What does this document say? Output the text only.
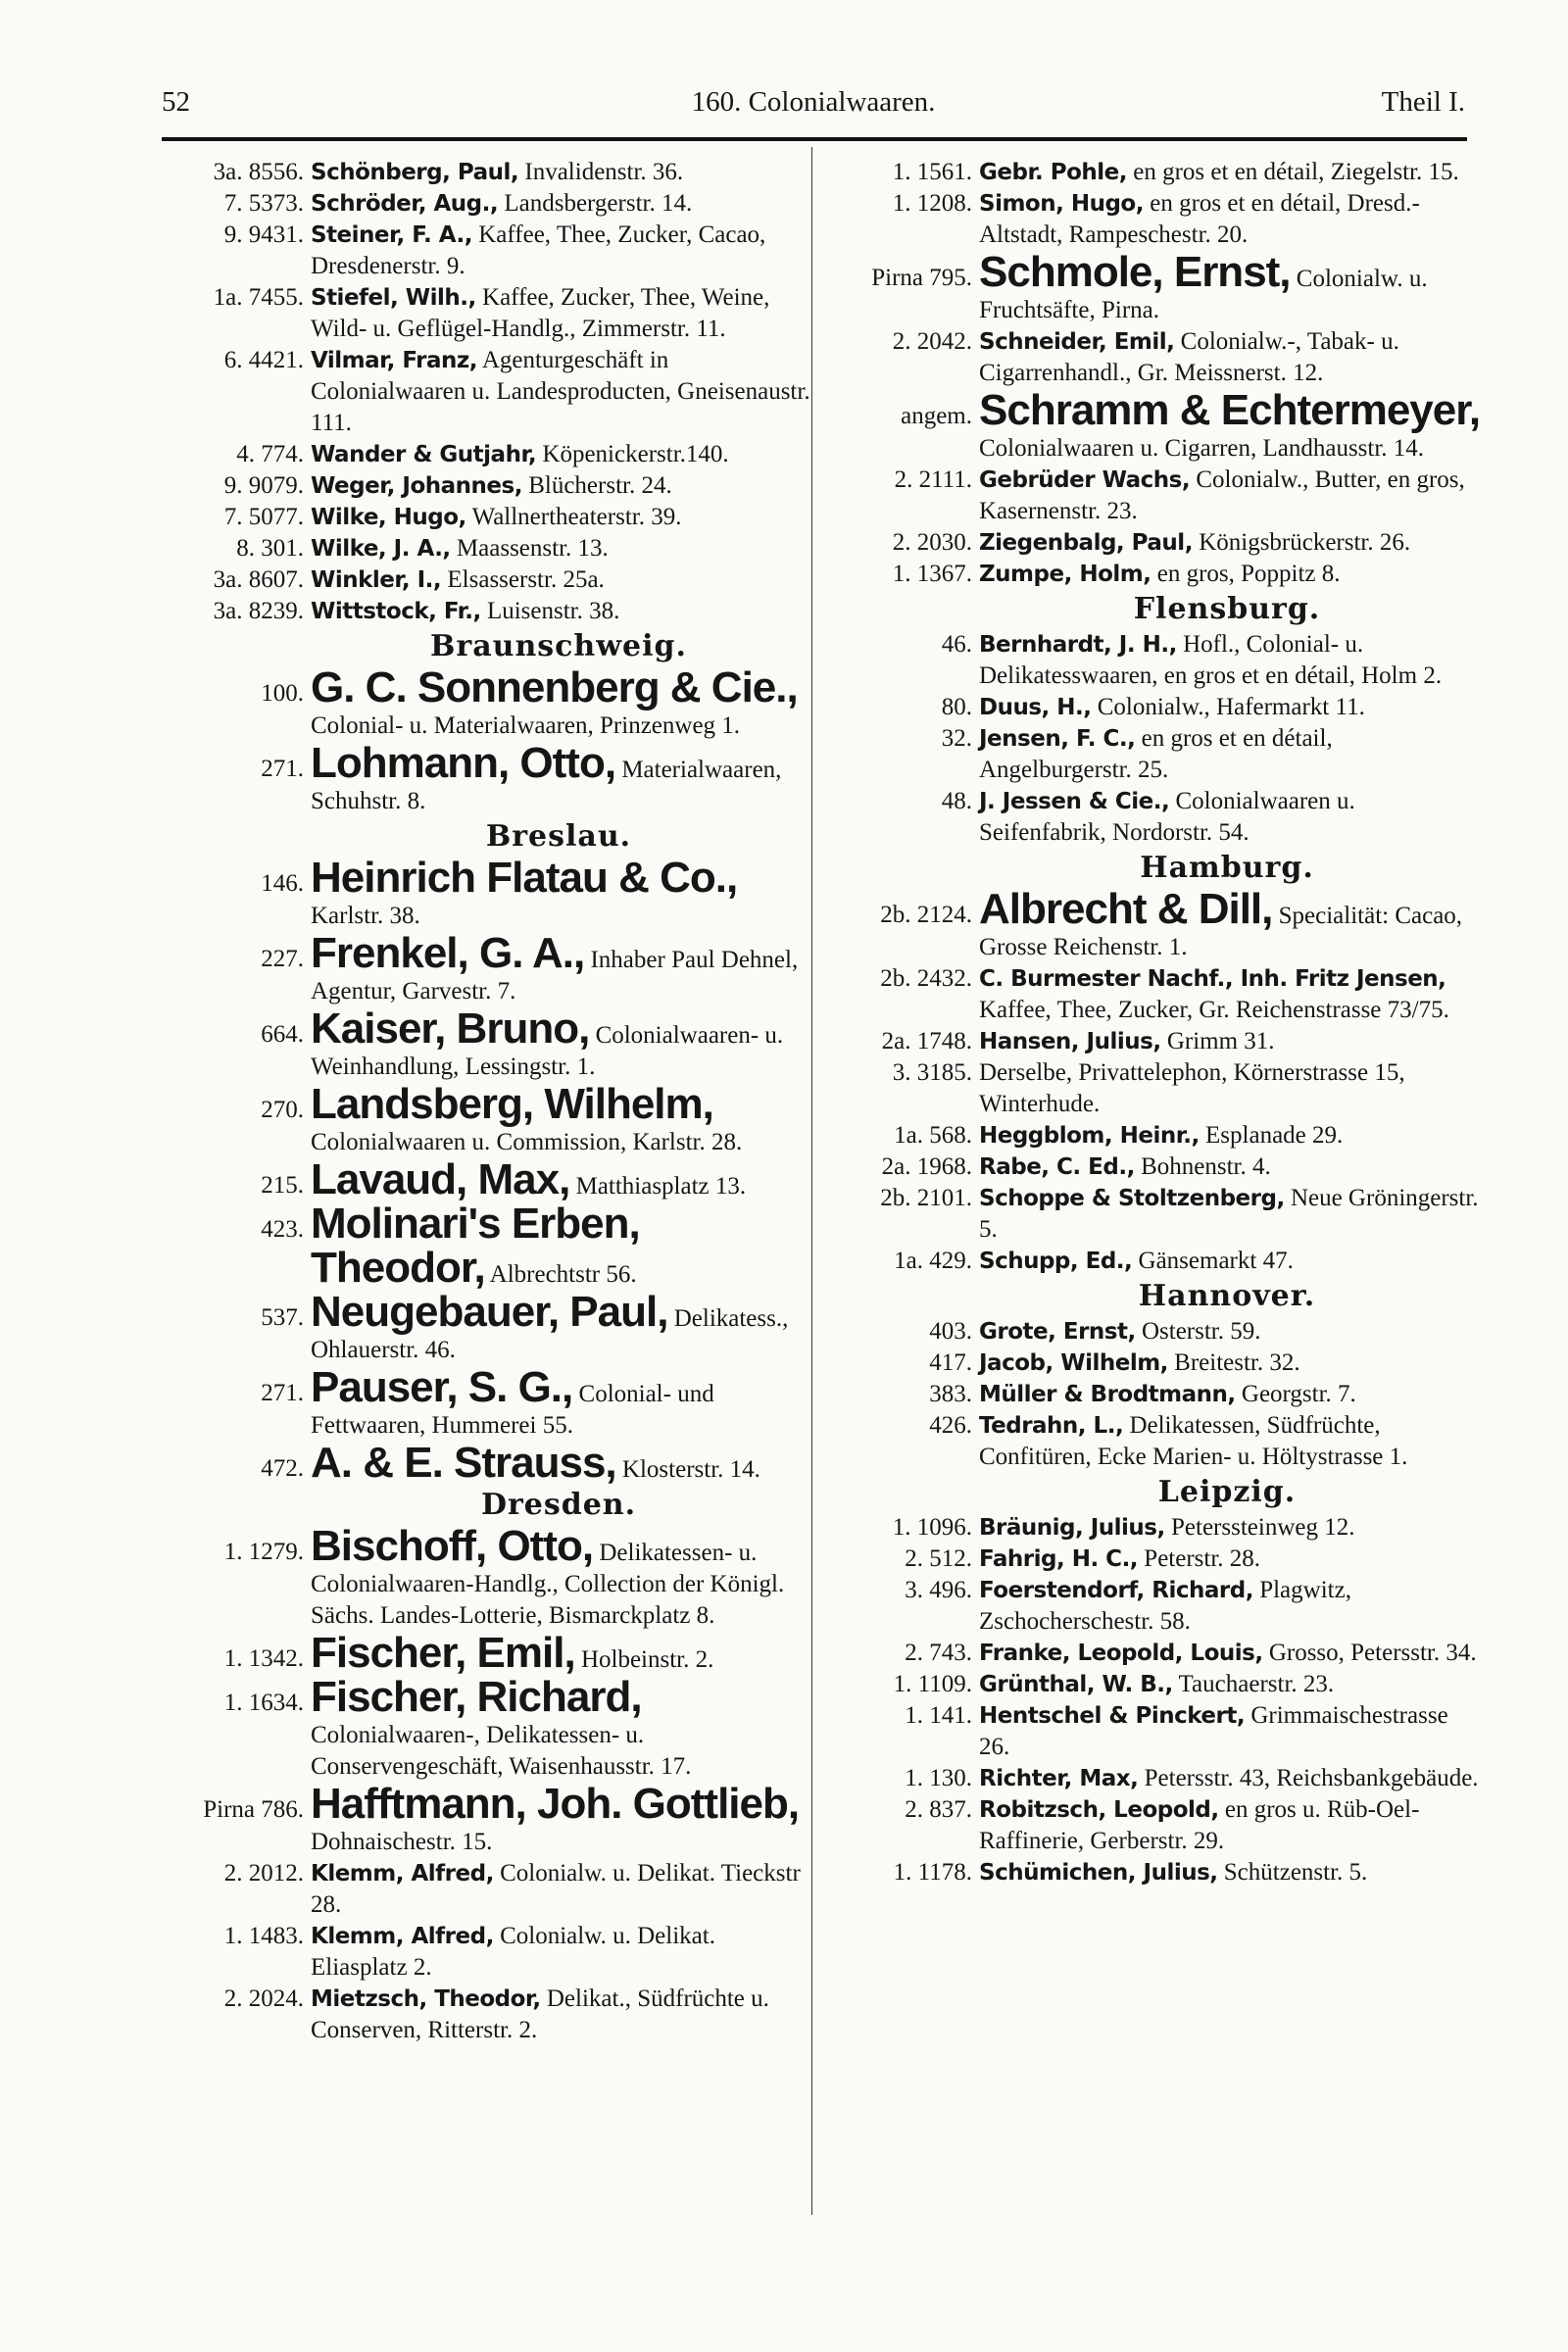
52	160. Colonialwaaren.	Theil I.
3a. 8556. Schönberg, Paul, Invalidenstr. 36.
7. 5373. Schröder, Aug., Landsbergerstr. 14.
9. 9431. Steiner, F. A., Kaffee, Thee, Zucker, Cacao, Dresdenerstr. 9.
1a. 7455. Stiefel, Wilh., Kaffee, Zucker, Thee, Weine, Wild- u. Geflügel-Handlg., Zimmerstr. 11.
6. 4421. Vilmar, Franz, Agenturgeschäft in Colonialwaaren u. Landesproducten, Gneisenaustr. 111.
4. 774. Wander & Gutjahr, Köpenickerstr.140.
9. 9079. Weger, Johannes, Blücherstr. 24.
7. 5077. Wilke, Hugo, Wallnertheaterstr. 39.
8. 301. Wilke, J. A., Maassenstr. 13.
3a. 8607. Winkler, I., Elsasserstr. 25a.
3a. 8239. Wittstock, Fr., Luisenstr. 38.
Braunschweig.
100. G. C. Sonnenberg & Cie., Colonial- u. Materialwaaren, Prinzenweg 1.
271. Lohmann, Otto, Materialwaaren, Schuhstr. 8.
Breslau.
146. Heinrich Flatau & Co., Karlstr. 38.
227. Frenkel, G. A., Inhaber Paul Dehnel, Agentur, Garvestr. 7.
664. Kaiser, Bruno, Colonialwaaren- u. Weinhandlung, Lessingstr. 1.
270. Landsberg, Wilhelm, Colonialwaaren u. Commission, Karlstr. 28.
215. Lavaud, Max, Matthiasplatz 13.
423. Molinari's Erben, Theodor, Albrechtstr 56.
537. Neugebauer, Paul, Delikatess., Ohlauerstr. 46.
271. Pauser, S. G., Colonial- und Fettwaaren, Hummerei 55.
472. A. & E. Strauss, Klosterstr. 14.
Dresden.
1. 1279. Bischoff, Otto, Delikatessen- u. Colonialwaaren-Handlg., Collection der Königl. Sächs. Landes-Lotterie, Bismarckplatz 8.
1. 1342. Fischer, Emil, Holbeinstr. 2.
1. 1634. Fischer, Richard, Colonialwaaren-, Delikatessen- u. Conservengeschäft, Waisenhausstr. 17.
Pirna 786. Hafftmann, Joh. Gottlieb, Dohnaischestr. 15.
2. 2012. Klemm, Alfred, Colonialw. u. Delikat. Tieckstr 28.
1. 1483. Klemm, Alfred, Colonialw. u. Delikat. Eliasplatz 2.
2. 2024. Mietzsch, Theodor, Delikat., Südfrüchte u. Conserven, Ritterstr. 2.
1. 1561. Gebr. Pohle, en gros et en détail, Ziegelstr. 15.
1. 1208. Simon, Hugo, en gros et en détail, Dresd.-Altstadt, Rampeschestr. 20.
Pirna 795. Schmole, Ernst, Colonialw. u. Fruchtsäfte, Pirna.
2. 2042. Schneider, Emil, Colonialw.-, Tabak- u. Cigarrenhandl., Gr. Meissnerst. 12.
angem. Schramm & Echtermeyer, Colonialwaaren u. Cigarren, Landhausstr. 14.
2. 2111. Gebrüder Wachs, Colonialw., Butter, en gros, Kasernenstr. 23.
2. 2030. Ziegenbalg, Paul, Königsbrückerstr. 26.
1. 1367. Zumpe, Holm, en gros, Poppitz 8.
Flensburg.
46. Bernhardt, J. H., Hofl., Colonial- u. Delikatesswaaren, en gros et en détail, Holm 2.
80. Duus, H., Colonialw., Hafermarkt 11.
32. Jensen, F. C., en gros et en détail, Angelburgerstr. 25.
48. J. Jessen & Cie., Colonialwaaren u. Seifenfabrik, Nordorstr. 54.
Hamburg.
2b. 2124. Albrecht & Dill, Specialität: Cacao, Grosse Reichenstr. 1.
2b. 2432. C. Burmester Nachf., Inh. Fritz Jensen, Kaffee, Thee, Zucker, Gr. Reichenstrasse 73/75.
2a. 1748. Hansen, Julius, Grimm 31.
3. 3185. Derselbe, Privattelephon, Körnerstrasse 15, Winterhude.
1a. 568. Heggblom, Heinr., Esplanade 29.
2a. 1968. Rabe, C. Ed., Bohnenstr. 4.
2b. 2101. Schoppe & Stoltzenberg, Neue Gröningerstr. 5.
1a. 429. Schupp, Ed., Gänsemarkt 47.
Hannover.
403. Grote, Ernst, Osterstr. 59.
417. Jacob, Wilhelm, Breitestr. 32.
383. Müller & Brodtmann, Georgstr. 7.
426. Tedrahn, L., Delikatessen, Südfrüchte, Confitüren, Ecke Marien- u. Höltystrasse 1.
Leipzig.
1. 1096. Bräunig, Julius, Peterssteinweg 12.
2. 512. Fahrig, H. C., Peterstr. 28.
3. 496. Foerstendorf, Richard, Plagwitz, Zschocherschestr. 58.
2. 743. Franke, Leopold, Louis, Grosso, Petersstr. 34.
1. 1109. Grünthal, W. B., Tauchaerstr. 23.
1. 141. Hentschel & Pinckert, Grimmaischestrasse 26.
1. 130. Richter, Max, Petersstr. 43, Reichsbankgebäude.
2. 837. Robitzsch, Leopold, en gros u. Rüb-Oel-Raffinerie, Gerberstr. 29.
1. 1178. Schümichen, Julius, Schützenstr. 5.
